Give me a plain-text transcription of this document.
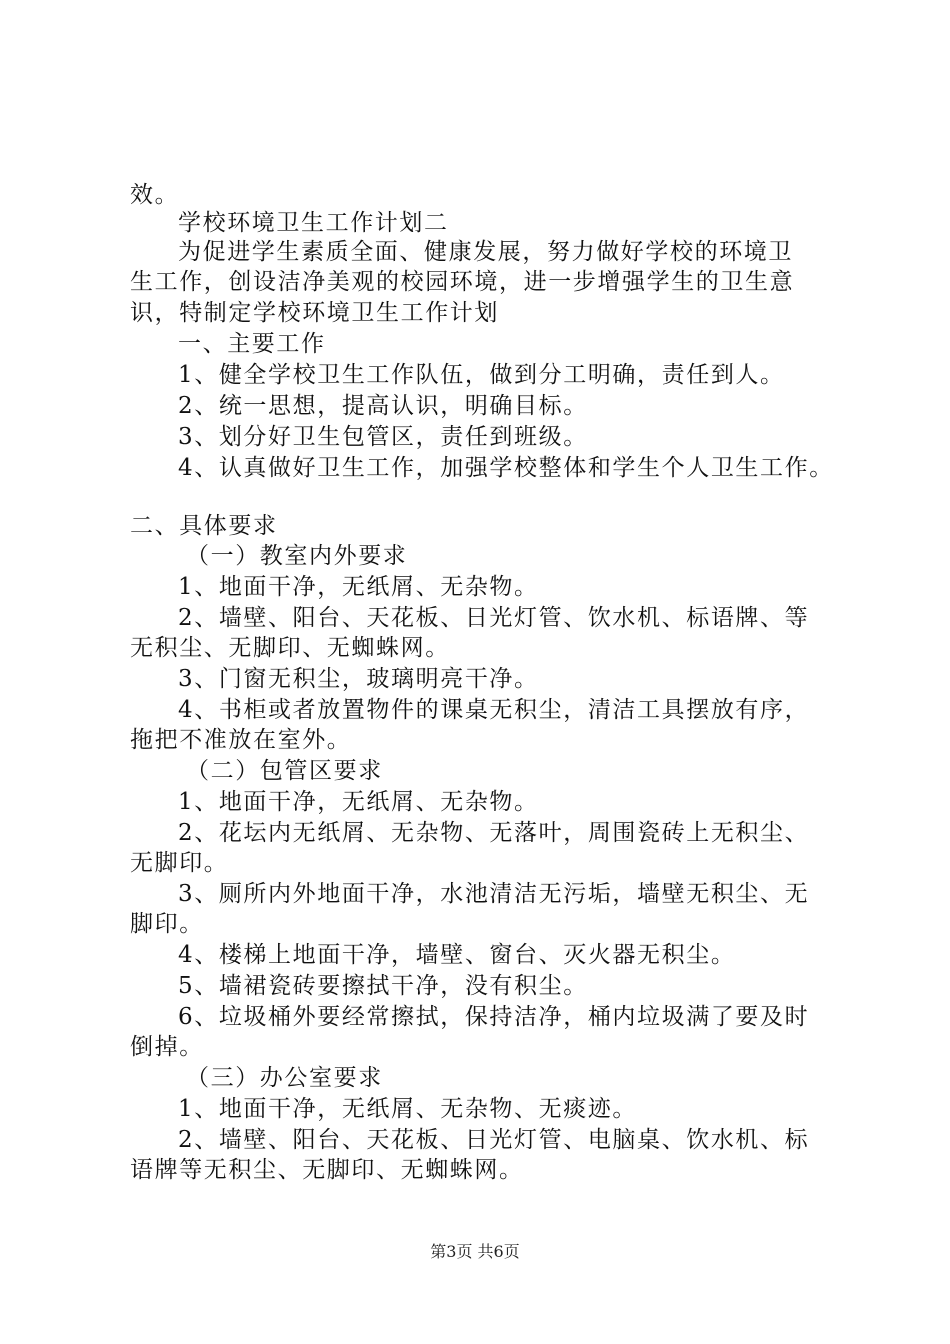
效。
学校环境卫生工作计划二
为促进学生素质全面、健康发展，努力做好学校的环境卫
生工作，创设洁净美观的校园环境，进一步增强学生的卫生意
识，特制定学校环境卫生工作计划
一、主要工作
1、健全学校卫生工作队伍，做到分工明确，责任到人。
2、统一思想，提高认识，明确目标。
3、划分好卫生包管区，责任到班级。
4、认真做好卫生工作，加强学校整体和学生个人卫生工作。
二、具体要求
（一）教室内外要求
1、地面干净，无纸屑、无杂物。
2、墙壁、阳台、天花板、日光灯管、饮水机、标语牌、等
无积尘、无脚印、无蜘蛛网。
3、门窗无积尘，玻璃明亮干净。
4、书柜或者放置物件的课桌无积尘，清洁工具摆放有序，
拖把不准放在室外。
（二）包管区要求
1、地面干净，无纸屑、无杂物。
2、花坛内无纸屑、无杂物、无落叶，周围瓷砖上无积尘、
无脚印。
3、厕所内外地面干净，水池清洁无污垢，墙壁无积尘、无
脚印。
4、楼梯上地面干净，墙壁、窗台、灭火器无积尘。
5、墙裙瓷砖要擦拭干净，没有积尘。
6、垃圾桶外要经常擦拭，保持洁净，桶内垃圾满了要及时
倒掉。
（三）办公室要求
1、地面干净，无纸屑、无杂物、无痰迹。
2、墙壁、阳台、天花板、日光灯管、电脑桌、饮水机、标
语牌等无积尘、无脚印、无蜘蛛网。
第3页 共6页
